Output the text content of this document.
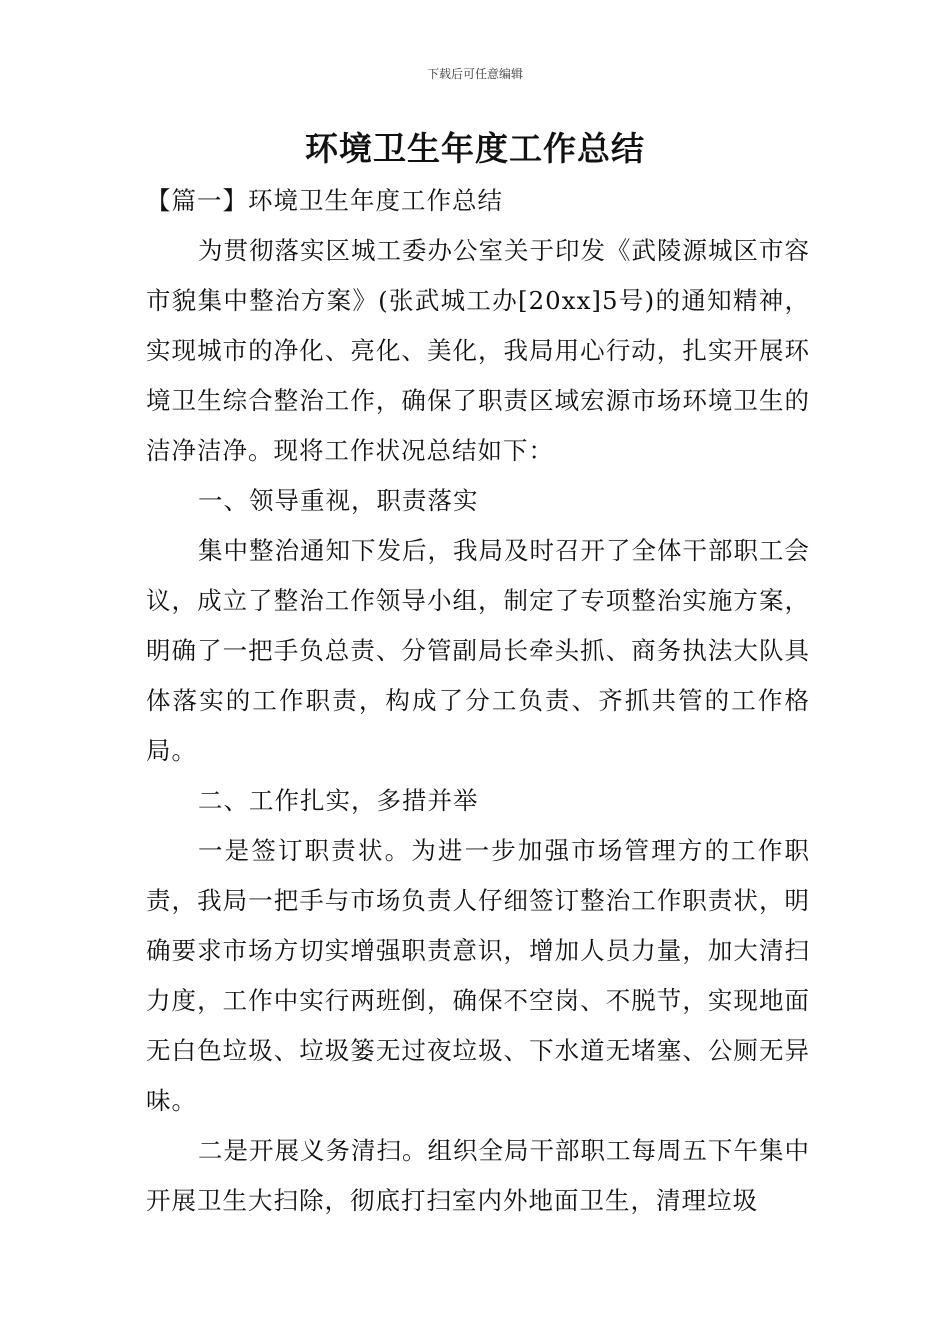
下载后可任意编辑
环境卫生年度工作总结

【篇一】环境卫生年度工作总结

为贯彻落实区城工委办公室关于印发《武陵源城区市容市貌集中整治方案》(张武城工办[20xx]5号)的通知精神，实现城市的净化、亮化、美化，我局用心行动，扎实开展环境卫生综合整治工作，确保了职责区域宏源市场环境卫生的洁净洁净。现将工作状况总结如下：

一、领导重视，职责落实

集中整治通知下发后，我局及时召开了全体干部职工会议，成立了整治工作领导小组，制定了专项整治实施方案，明确了一把手负总责、分管副局长牵头抓、商务执法大队具体落实的工作职责，构成了分工负责、齐抓共管的工作格局。

二、工作扎实，多措并举

一是签订职责状。为进一步加强市场管理方的工作职责，我局一把手与市场负责人仔细签订整治工作职责状，明确要求市场方切实增强职责意识，增加人员力量，加大清扫力度，工作中实行两班倒，确保不空岗、不脱节，实现地面无白色垃圾、垃圾篓无过夜垃圾、下水道无堵塞、公厕无异味。

二是开展义务清扫。组织全局干部职工每周五下午集中开展卫生大扫除，彻底打扫室内外地面卫生，清理垃圾
